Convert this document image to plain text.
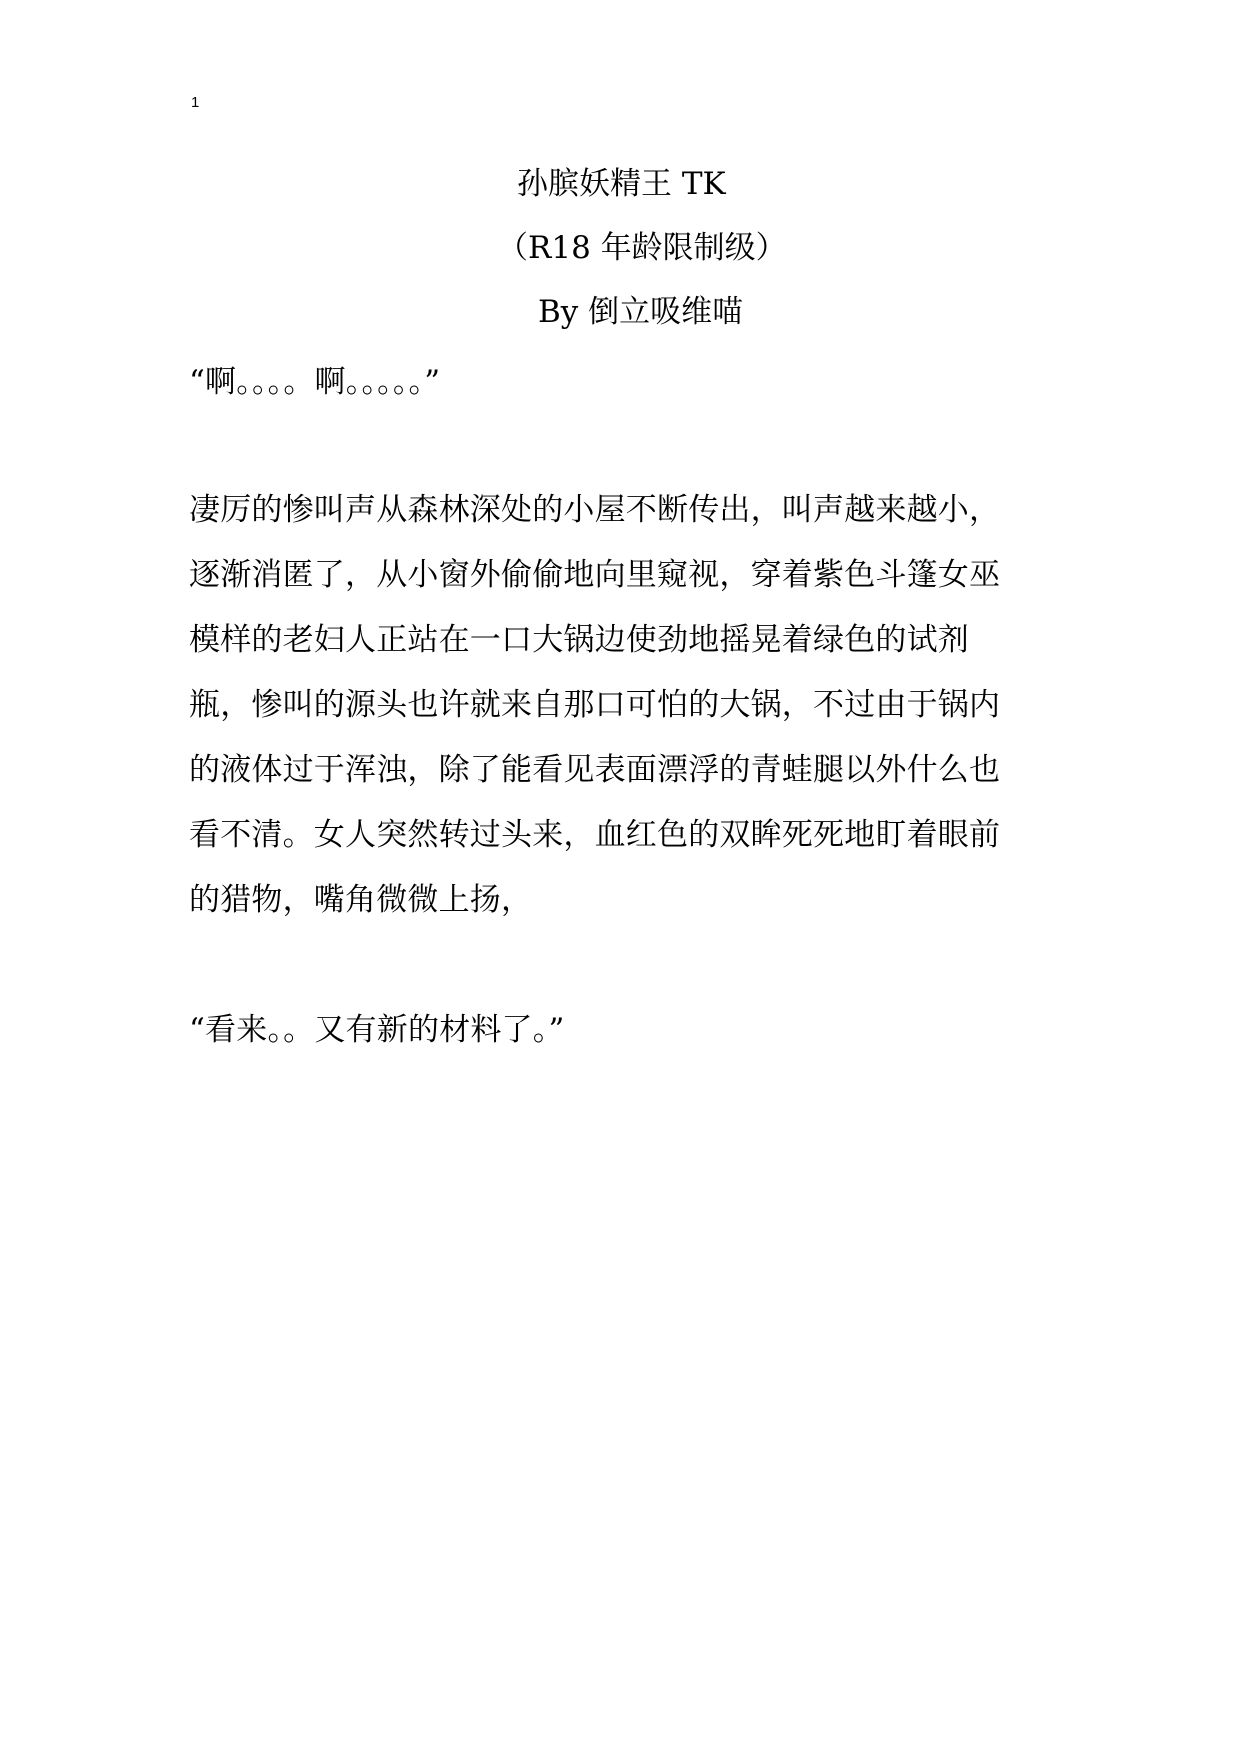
1
孙膑妖精王 TK
（R18 年龄限制级）
By 倒立吸维喵
“啊。。。。啊。。。。。”
凄厉的惨叫声从森林深处的小屋不断传出，叫声越来越小，
逐渐消匿了，从小窗外偷偷地向里窥视，穿着紫色斗篷女巫
模样的老妇人正站在一口大锅边使劲地摇晃着绿色的试剂
瓶，惨叫的源头也许就来自那口可怕的大锅，不过由于锅内
的液体过于浑浊，除了能看见表面漂浮的青蛙腿以外什么也
看不清。女人突然转过头来，血红色的双眸死死地盯着眼前
的猎物，嘴角微微上扬，
“看来。。又有新的材料了。”
